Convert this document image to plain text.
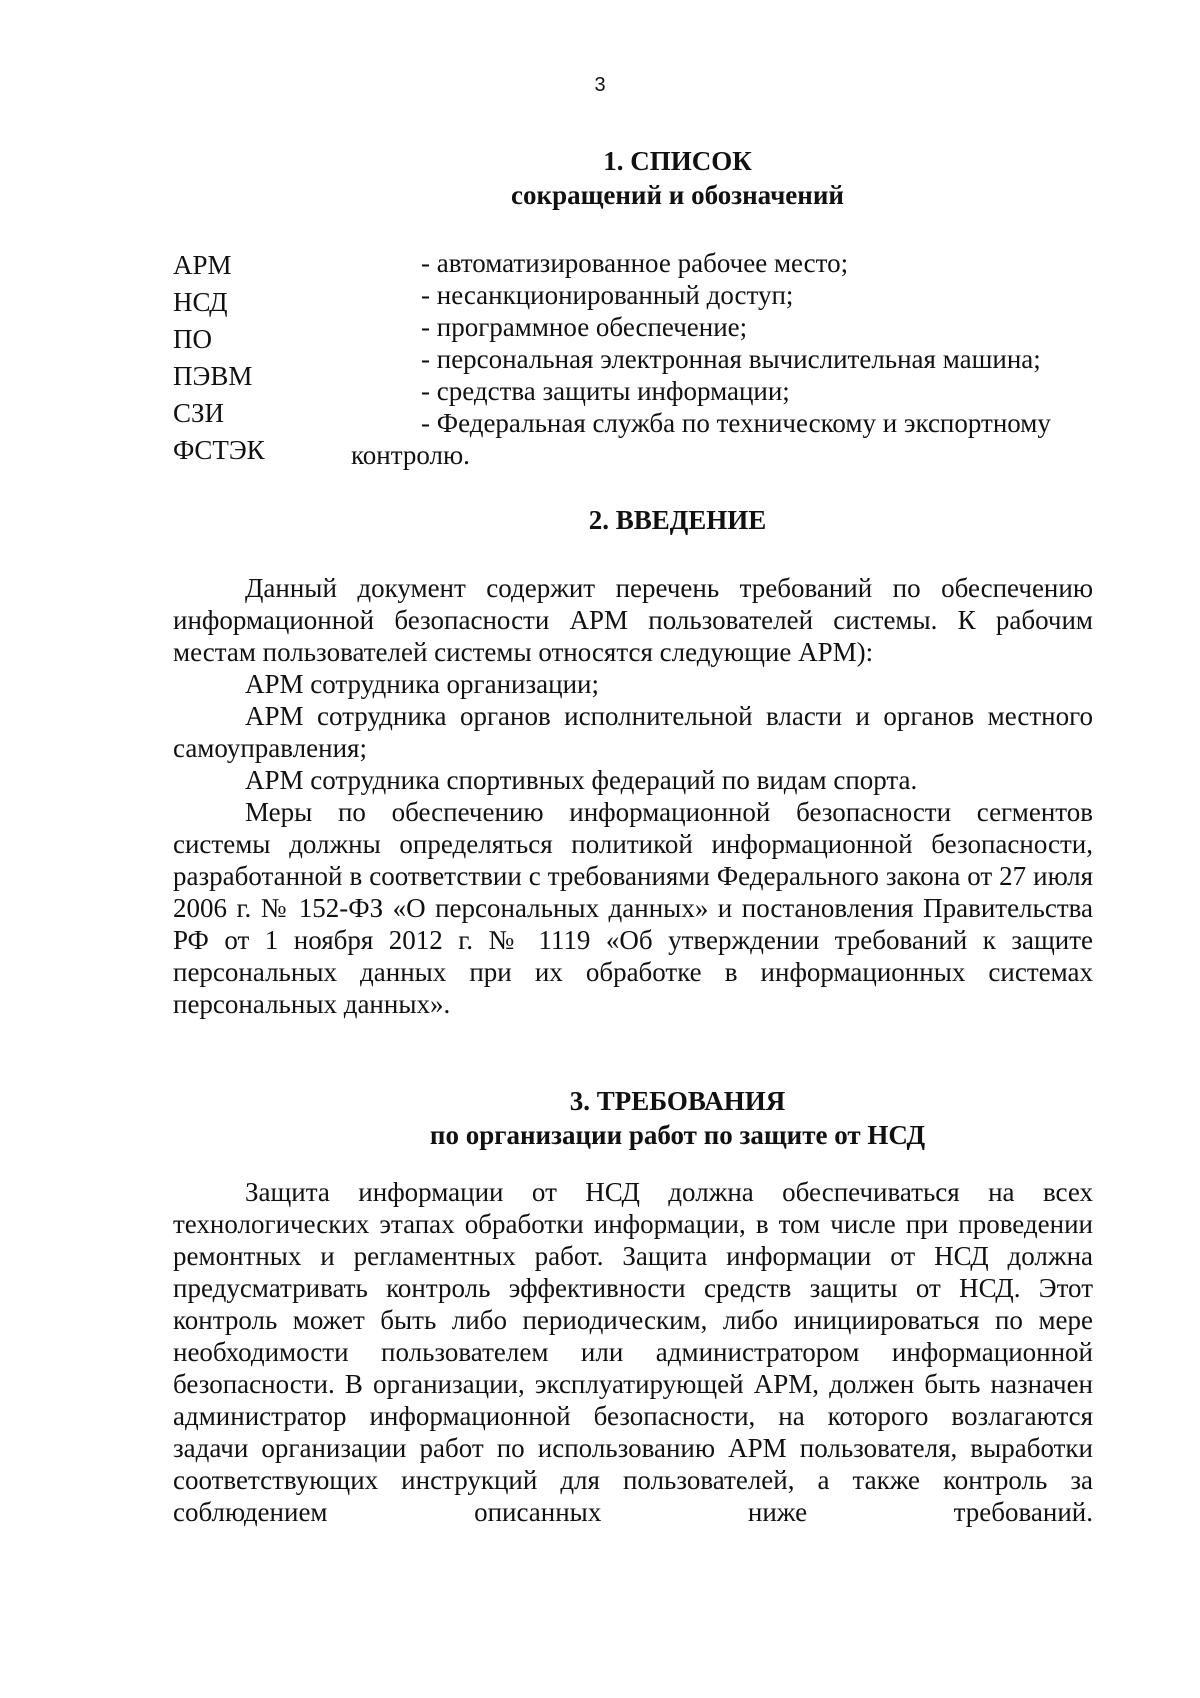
3
1. СПИСОК
сокращений и обозначений
АРМ
НСД
ПО
ПЭВМ
СЗИ
ФСТЭК
- автоматизированное рабочее место;
- несанкционированный доступ;
- программное обеспечение;
- персональная электронная вычислительная машина;
- средства защиты информации;
- Федеральная служба по техническому и экспортному
контролю.
2. ВВЕДЕНИЕ

Данный документ содержит перечень требований по обеспечению информационной безопасности АРМ пользователей системы. К рабочим местам пользователей системы относятся следующие АРМ):

АРМ сотрудника организации;

АРМ сотрудника органов исполнительной власти и органов местного самоуправления;

АРМ сотрудника спортивных федераций по видам спорта.

Меры по обеспечению информационной безопасности сегментов системы должны определяться политикой информационной безопасности, разработанной в соответствии с требованиями Федерального закона от 27 июля 2006 г. № 152-ФЗ «О персональных данных» и постановления Правительства РФ от 1 ноября 2012 г. № 1119 «Об утверждении требований к защите персональных данных при их обработке в информационных системах персональных данных».

3. ТРЕБОВАНИЯ
по организации работ по защите от НСД

Защита информации от НСД должна обеспечиваться на всех технологических этапах обработки информации, в том числе при проведении ремонтных и регламентных работ. Защита информации от НСД должна предусматривать контроль эффективности средств защиты от НСД. Этот контроль может быть либо периодическим, либо инициироваться по мере необходимости пользователем или администратором информационной безопасности. В организации, эксплуатирующей АРМ, должен быть назначен администратор информационной безопасности, на которого возлагаются задачи организации работ по использованию АРМ пользователя, выработки соответствующих инструкций для пользователей, а также контроль за соблюдением описанных ниже требований.
